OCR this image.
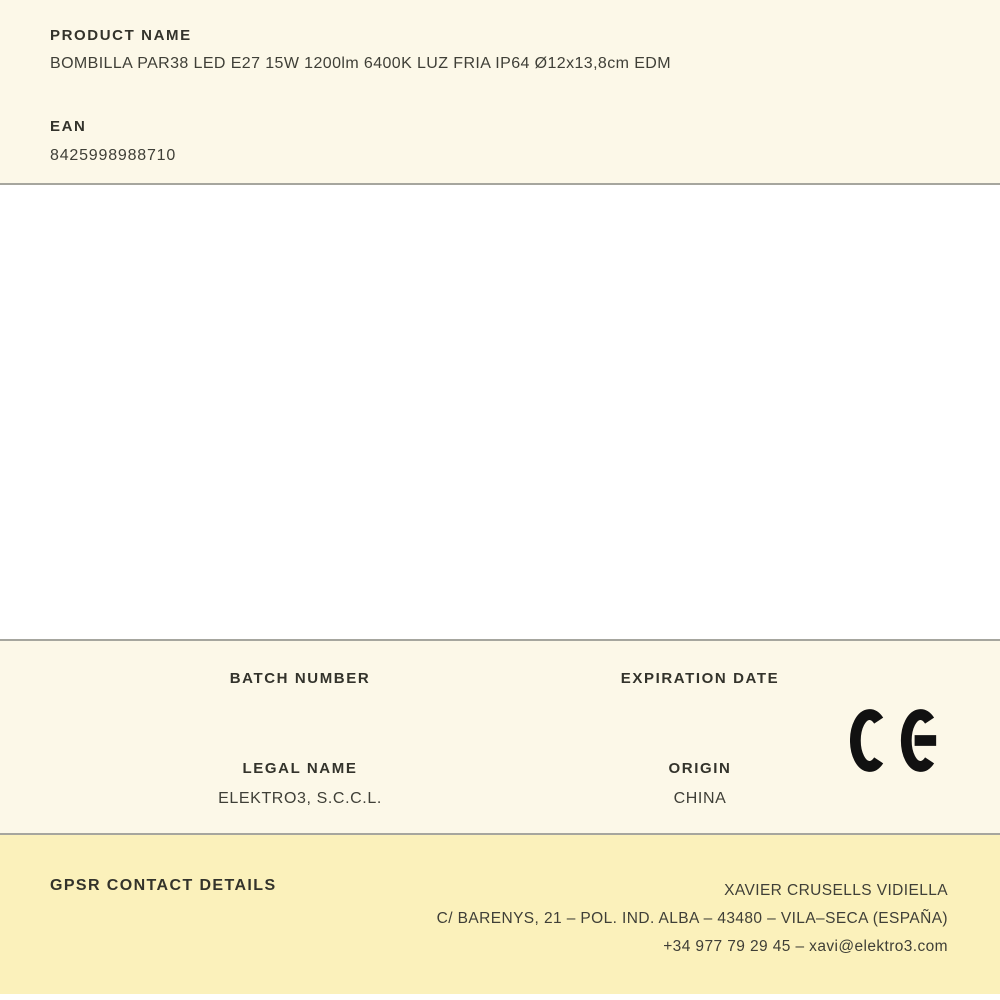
PRODUCT NAME
BOMBILLA PAR38 LED E27 15W 1200lm 6400K LUZ FRIA IP64 Ø12x13,8cm EDM
EAN
8425998988710
BATCH NUMBER	EXPIRATION DATE
LEGAL NAME	ORIGIN
ELEKTRO3, S.C.C.L.	CHINA
GPSR CONTACT DETAILS	XAVIER CRUSELLS VIDIELLA
C/ BARENYS, 21 – POL. IND. ALBA – 43480 – VILA–SECA (ESPAÑA)
+34 977 79 29 45 – xavi@elektro3.com
